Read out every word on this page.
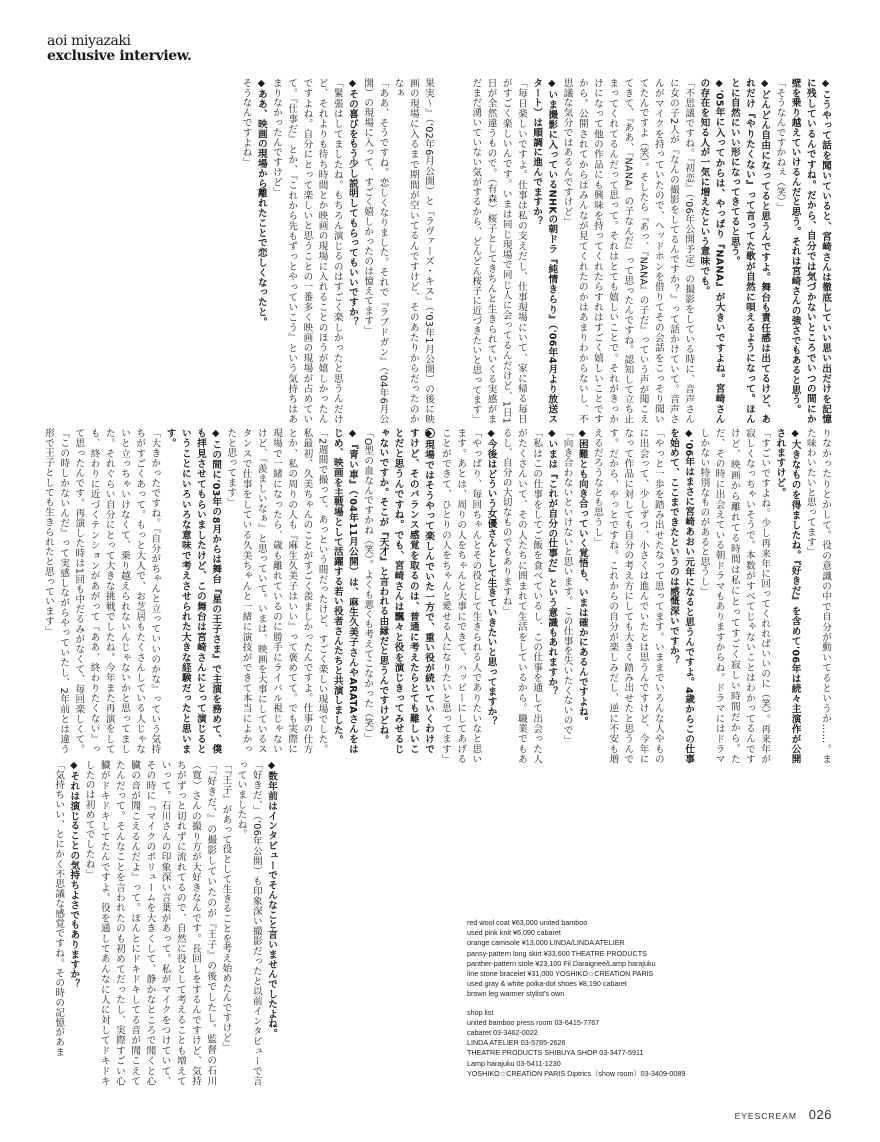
aoi miyazaki
exclusive interview.

果実〜』（'02年6月公開）と『ラヴァーズ・キス』（'03年1月公開）の後に映画の現場に入るまで期間が空いてるんですけど、そのあたりからだったのかなぁ

「ああ、そうですね。恋しくなりました。それで『ラブドガン』（'04年6月公開）の現場に入って、すごく嬉しかったのは憶えてます」

◆その喜びをもう少し説明してもらってもいいですか？

「緊張はしてましたね。もちろん演じるのはすごく楽しかったと思うんだけど、それよりも待ち時間とか映画の現場に入れることのほうが嬉しかったんですよね。自分にとって楽しいと思うことの一番多く映画の現場が占めていて。『仕事だ』とか、『これから先もずっとやっていこう』という気持ちはあまりなかったんですけど」

◆ああ、映画の現場から離れたことで恋しくなったと。

そうなんですよね」

◆現場ではそうやって楽しんでいた一方で、重い役が続いていくわけですけど、そのバランス感覚を取るのは、普通に考えたらとても難しいことだと思うんですね。でも、宮崎さんは飄々と役を演じきってみせるじゃないですか。そこが『天才』と言われる由縁だと思うんですけどね。

「O型の血なんですかね（笑）。よくも悪くも考えてこなかった（笑）」

◆『青い車』（'04年11月公開）は、麻生久美子さんやARATAさんをはじめ、映画を主戦場として活躍する若い役者さんたちと共演しました。

「2週間で撮って、あっという間だったけど、すごく楽しい現場でした。私最初、久美ちゃんのことがすごく羨ましかったんですよ。仕事の仕方とか、私の周りの人も『麻生久美子はいい』って褒めてて。でも実際に現場で一緒になったら、歳も離れているのに勝手にライバル視じゃないけど、『羨ましいなぁ』と思っていて。いまは、映画を大事にしているスタンスで仕事をしている久美ちゃんと一緒に演技ができて本当によかったと思ってます」

◆この間に'03年の8月からは舞台『星の王子さま』で主演を務めて、僕も拝見させてもらいましたけど、この舞台は宮崎さんにとって演じるということにいろいろな意味で考えさせられた大きな経験だったと思います。

「大きかったですね。『自分がちゃんと立っていいのかな』っていう気持ちがすごくあって。もっと大人で、お芝居もたくさんしている人じゃないと立っちゃいけなくて、乗り越えられないんじゃないかと思ってました。それぐらい自分にとって大きな挑戦でしたね。今年また再演をしても、終わりに近づくテンションがあがって『ああ、終わりたくない』って思ったんです。再演した時は1回も中だるみがなくて、毎回楽しくて。『この時しかないんだ』って実感しながらやっていたし、2年前とは違う形で王子としても生きられたと思っています」

◆数年前はインタビューでそんなこと言いませんでしたよね。

「好きだ、」（'06年公開）も印象深い撮影だったと以前インタビューで言っていましたね。

「『王子』があって役として生きることを考え始めたんですけど」

「『好きだ、』の撮影していたのが『王子』の後でしたし。監督の石川（寛）さんの撮り方が大好きなんです。長回しをするんですけど、気持ちがずっと切れずに流れてるので、自然に役として考えることも増えていって。石川さんの印象深い言葉があって。私がマイクをつけていて、その時に『マイクのボリュームを大きくして、静かなところで聞くと心臓の音が聞こえるんだよ』って。ほんとにドキドキしてる音が聞こえてたんだって。そんなことを言われたのも初めてだったし、実際すごい心臓がドキドキしてたんですよ。役を通してあんなに人に対してドキドキしたのは初めてでしたね」

◆それは演じることの気持ちよさでもありますか？

「気持ちいい、とにかく不思議な感覚ですね。その時の記憶があま

◆こうやって話を聞いていると、宮崎さんは徹底していい思い出だけを記憶に残しているんですね。だから、自分では気づかないところでいつの間にか壁を乗り越えていけるんだと思う。それは宮崎さんの強さでもあると思う。

「そうなんですかねぇ（笑）」

◆どんどん自由になってると思うんですよ。舞台も責任感は出てるけど、あれだけ『やりたくない』って言ってた歌が自然に唄えるようになって。ほんとに自然にいい形になってきてると思う。

◆'05年に入ってからは、やっぱり『NANA』が大きいですよね。宮崎さんの存在を知る人が一気に増えたという意味でも。

「不思議ですね。『初恋』（'06年公開予定）の撮影をしている時に、音声さんに女の子2人が『なんの撮影をしてるんですか？』って話かけていて。音声さんがマイクを持っていたので、ヘッドホンを借りてその会話をこっそり聞いてたんですよ（笑）。そしたら『あっ、『NANA』の子だ』っていう声が聞こえてきて、『ああ、『NANA』の子なんだ』って思ったんですね。認知して立ち止まってくれてるんだって思って。それはとても嬉しいことで。それがきっかけになって他の作品にも興味を持ってくれたらすれはすごく嬉しいことですから。公開されてからはみんなが見てくれたのかはあまりわからないし、不思議な気分ではあるんですけど」

◆いま撮影に入っているNHKの朝ドラ『純情きらり』（'06年4月より放送スタート）は順調に進んでますか？

「毎日楽しいですよ。仕事は私の支えだし、仕事現場にいて、家に帰る毎日がすごく楽しいんです。いまは同じ現場で同じ人に会ってるんだけど、1日1日が全然違うもので。（有森）桜子としてきちんと生きられていくる実感がまだまだ湧いていない気がするから、どんどん桜子に近づきたいと思ってます」

りなかったりとかして。役の意識の中で自分が動いてるというか……。また味わいたいと思ってます」

◆大きなものを得ましたね。『好きだ』を含めて'06年は続々主演作が公開されますけど。

「すごいですよね。少し再来年に回ってくれればいいのに（笑）。再来年が寂しくなっちゃいそうで。本数がすべてじゃないことはわかってるんですけど、映画から離れてる時間は私にとってすごく寂しい時間だから。ただ、その時に出会えている朝ドラマもありますからね。ドラマにはドラマしかない特別なものがあると思うし」

◆'06年はまさに宮崎あおい元年になると思うんですよ。4歳からこの仕事を始めて、ここまできたというのは感慨深いですか？

「やっと一歩を踏み出せたなって思ってます。いままでいろんな人やものに出会って、少しずつ、小さくは進んでいたとは思うんですけど、今年になって作品に対しても自分の考え方にしても大きく踏み出せたと思うんです。だから、やっとですね。これからの自分が楽しみだし、逆に不安も増えるだろうなとも思うし」

◆困難とも向き合っていく覚悟も、いまは確かにあるんですよね。

「向き合わないといけないと思います。この仕事を失いたくないので」

◆いまは『これが自分の仕事だ』という意識もあれますか？

「私はこの仕事をしてご飯を食べているし、この仕事を通して出会った人がたくさんいて、その人たちに囲まれて生活をしているから。職業でもあるし、自分の大切なものでもありますね」

◆今後はどういう女優さんとして生きていきたいと思ってますか？

「やっぱり、毎回ちゃんとその役として生きられる人でありたいなと思います。あとは、周りの人をちゃんと大事にできて、ハッピーにしてあげることができて、ひとりの人をちゃんと愛せる人になりたいと思ってます」

red wool coat ¥63,000 united bamboo
used pink knit ¥6,090 cabaret
orange camisole ¥13,000 LINDA/LINDA ATELIER
pansy-pattern long skirt ¥33,600 THEATRE PRODUCTS
panther-pattern stole ¥23,100 Fil Daraignee/Lamp harajuku
line stone bracelet ¥31,000 YOSHIKO☆CREATiON PARIS
used gray & white polka-dot shoes ¥8,190 cabaret
brown leg warmer stylist's own
shop list
united bamboo press room 03-6415-7767
cabaret 03-3462-0022
LINDA ATELIER 03-5785-2626
THEATRE PRODUCTS SHIBUYA SHOP 03-3477-5911
Lamp harajuku 03-5411-1230
YOSHIKO☆CREATiON PARIS Diptrics（show room）03-3409-0089
EYESCREAM 026
